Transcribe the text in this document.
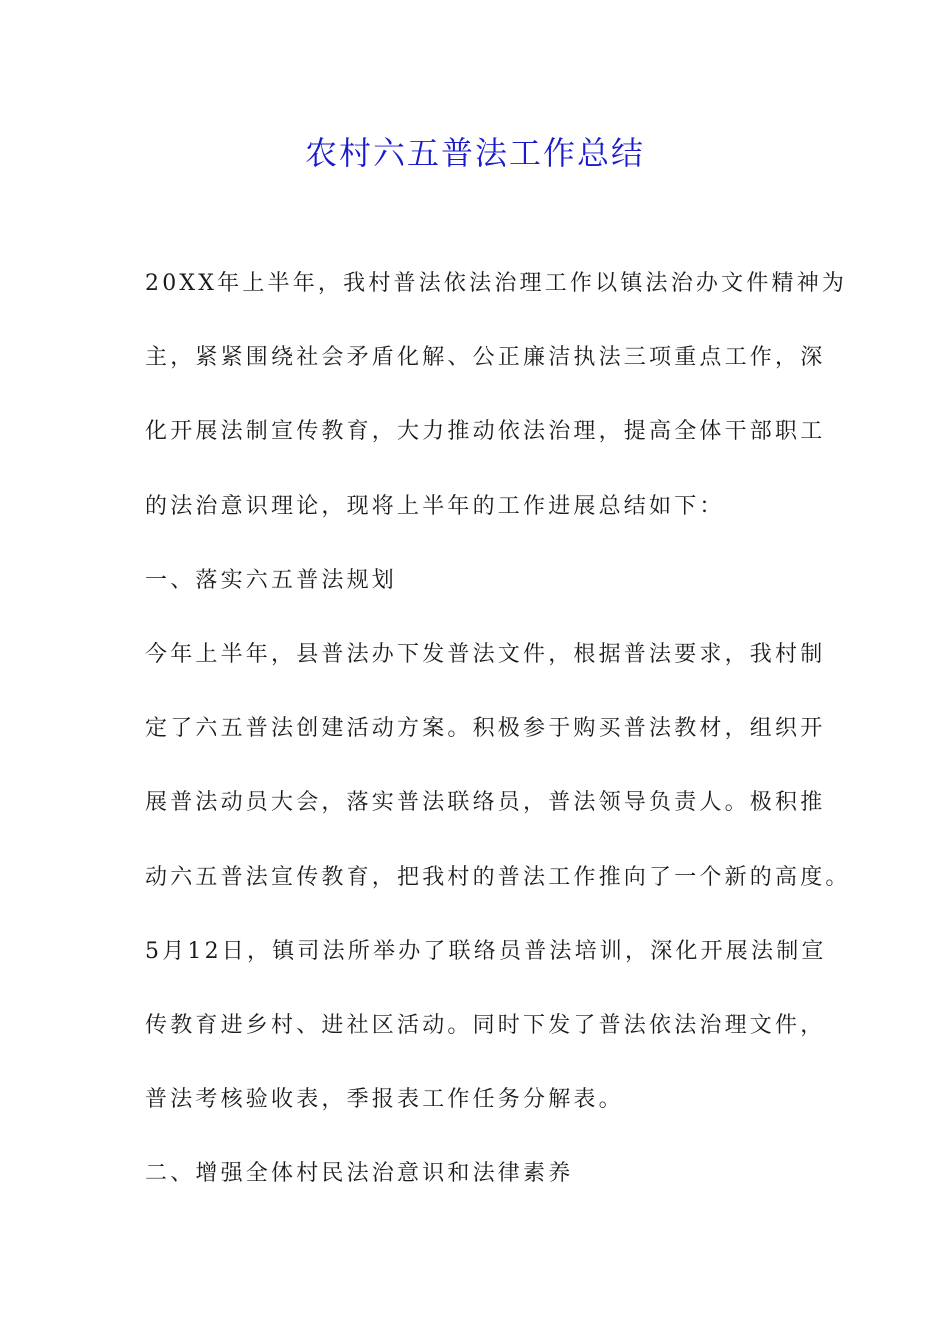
农村六五普法工作总结

20XX年上半年，我村普法依法治理工作以镇法治办文件精神为

主，紧紧围绕社会矛盾化解、公正廉洁执法三项重点工作，深

化开展法制宣传教育，大力推动依法治理，提高全体干部职工

的法治意识理论，现将上半年的工作进展总结如下：

一、落实六五普法规划

今年上半年，县普法办下发普法文件，根据普法要求，我村制

定了六五普法创建活动方案。积极参于购买普法教材，组织开

展普法动员大会，落实普法联络员，普法领导负责人。极积推

动六五普法宣传教育，把我村的普法工作推向了一个新的高度。

5月12日，镇司法所举办了联络员普法培训，深化开展法制宣

传教育进乡村、进社区活动。同时下发了普法依法治理文件，

普法考核验收表，季报表工作任务分解表。

二、增强全体村民法治意识和法律素养
